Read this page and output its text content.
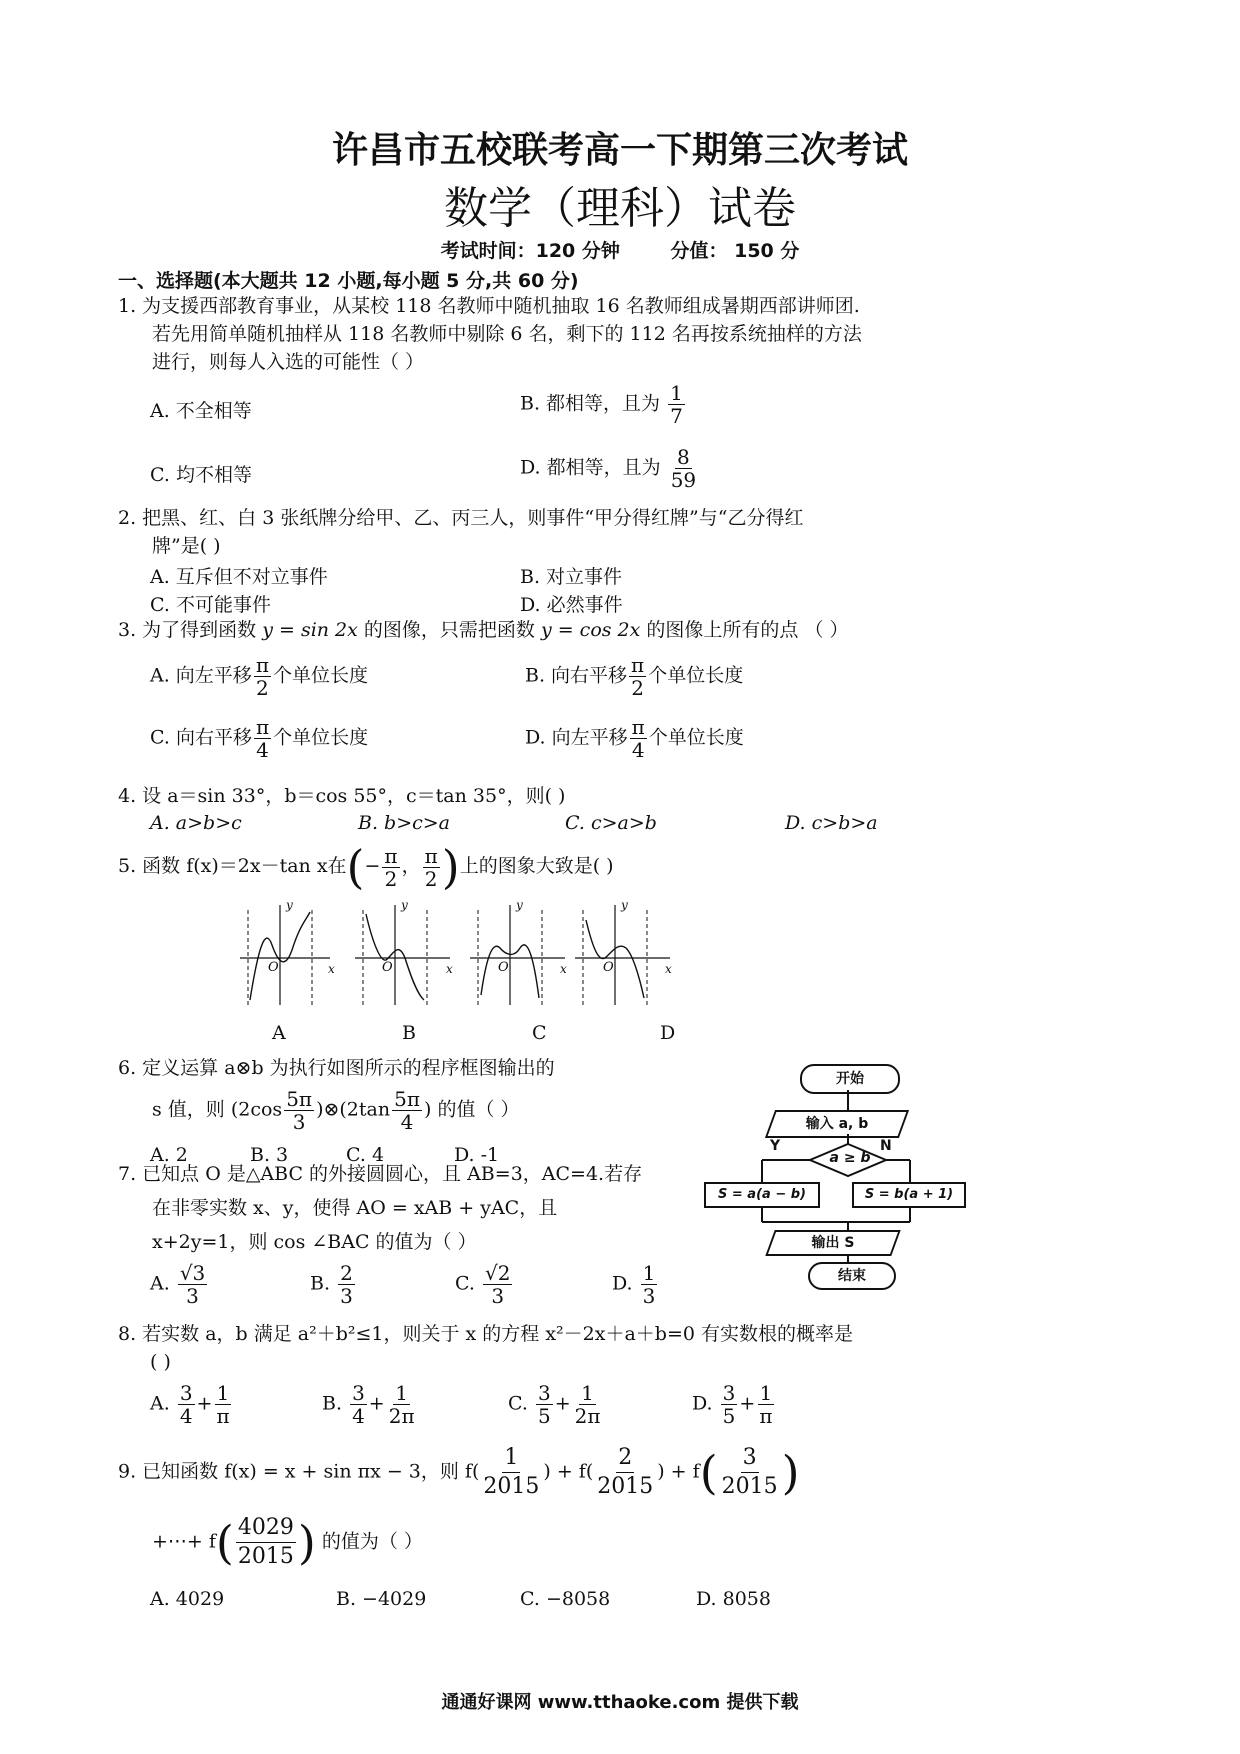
许昌市五校联考高一下期第三次考试
数学（理科）试卷
考试时间：120 分钟	分值： 150 分
一、选择题(本大题共 12 小题,每小题 5 分,共 60 分)
1. 为支援西部教育事业，从某校 118 名教师中随机抽取 16 名教师组成暑期西部讲师团.
若先用简单随机抽样从 118 名教师中剔除 6 名，剩下的 112 名再按系统抽样的方法
进行，则每人入选的可能性（ ）
A. 不全相等	B. 都相等，且为 $\frac{1}{7}$
C. 均不相等	D. 都相等，且为 $\frac{8}{59}$
2. 把黑、红、白 3 张纸牌分给甲、乙、丙三人，则事件“甲分得红牌”与“乙分得红
牌”是( )
A. 互斥但不对立事件	B. 对立事件
C. 不可能事件	D. 必然事件
3. 为了得到函数 y = sin 2x 的图像，只需把函数 y = cos 2x 的图像上所有的点 （ ）
A. 向左平移 $\frac{\pi}{2}$ 个单位长度	B. 向右平移 $\frac{\pi}{2}$ 个单位长度
C. 向右平移 $\frac{\pi}{4}$ 个单位长度	D. 向左平移 $\frac{\pi}{4}$ 个单位长度
4. 设 a＝sin 33°，b＝cos 55°，c＝tan 35°，则( )
A. a>b>c	B. b>c>a	C. c>a>b	D. c>b>a
5. 函数 f(x)＝2x－tan x在(− $\frac{\pi}{2}$ ， $\frac{\pi}{2}$ )上的图象大致是( )
y
x
O
y
x
O
y
x
O
y
x
O
A	B	C	D
6. 定义运算 a⊗b 为执行如图所示的程序框图输出的
s 值，则 ($2\cos \frac{5\pi}{3}$ )⊗(2tan $\frac{5\pi}{4}$ ) 的值（ ）
A. 2	B. 3	C. 4	D. -1
开始
输入 a, b
a ≥ b
Y	N
S = a(a − b)	S = b(a + 1)
输出 S
结束
7. 已知点 O 是△ABC 的外接圆圆心，且 AB=3，AC=4.若存
在非零实数 x、y，使得 AO = xAB + yAC，且
x+2y=1，则 cos ∠BAC 的值为（ ）
A. $\frac{√3}{3}$	B. $\frac{2}{3}$	C. $\frac{√2}{3}$	D. $\frac{1}{3}$
8. 若实数 a，b 满足 a²＋b²≤1，则关于 x 的方程 x²－2x＋a＋b=0 有实数根的概率是
( )
A. $\frac{3}{4} + \frac{1}{\pi}$	B. $\frac{3}{4} + \frac{1}{2\pi}$	C. $\frac{3}{5} + \frac{1}{2\pi}$	D. $\frac{3}{5} + \frac{1}{\pi}$
9. 已知函数 f(x) = x + sin πx − 3，则 $f( \frac{1}{2015}$ ) + $f( \frac{2}{2015}$ ) + $f( \frac{3}{2015}$ )
+⋯+ $f( \frac{4029}{2015}$ ) 的值为（ ）
A. 4029	B. −4029	C. −8058	D. 8058
通通好课网 www.tthaoke.com 提供下载
